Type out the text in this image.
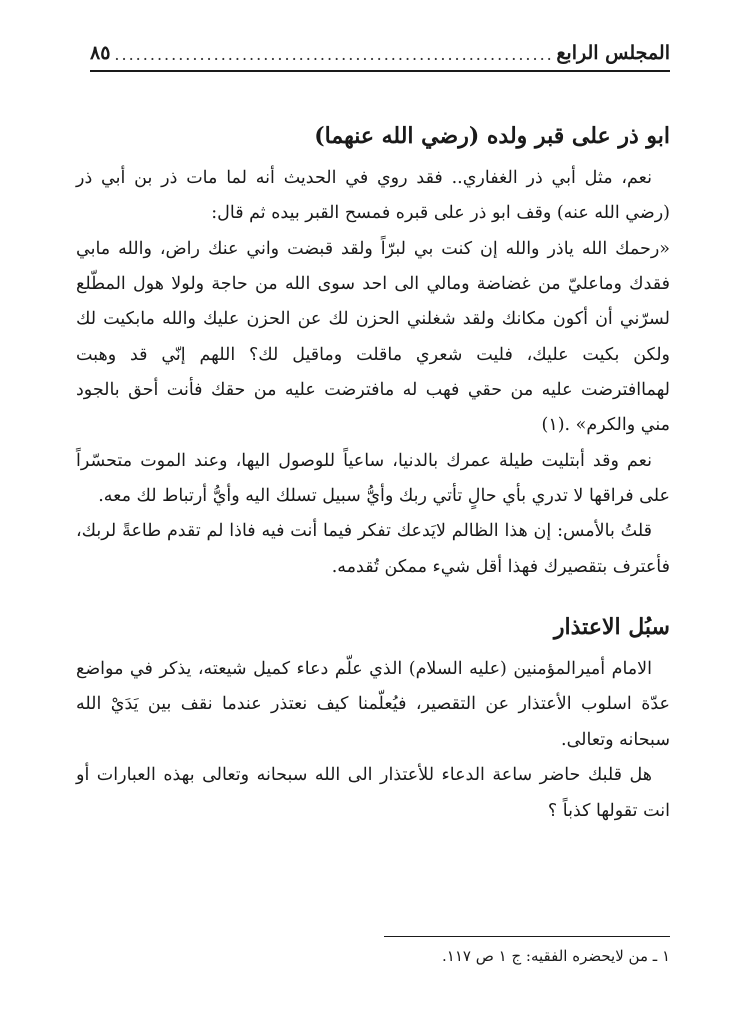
المجلس الرابع
..............................................................
٨٥
ابو ذر على قبر ولده (رضي الله عنهما)

نعم، مثل أبي ذر الغفاري.. فقد روي في الحديث أنه لما مات ذر بن أبي ذر (رضي الله عنه) وقف ابو ذر على قبره فمسح القبر بيده ثم قال:

«رحمك الله ياذر والله إن كنت بي لبرّاً ولقد قبضت واني عنك راض، والله مابي فقدك وماعليّ من غضاضة ومالي الى احد سوى الله من حاجة ولولا هول المطّلع لسرّني أن أكون مكانك ولقد شغلني الحزن لك عن الحزن عليك والله مابكيت لك ولكن بكيت عليك، فليت شعري ماقلت وماقيل لك؟ اللهم إنّي قد وهبت لهماافترضت عليه من حقي فهب له مافترضت عليه من حقك فأنت أحق بالجود مني والكرم» .(١)

نعم وقد أبتليت طيلة عمرك بالدنيا، ساعياً للوصول اليها، وعند الموت متحسّراً على فراقها لا تدري بأي حالٍ تأتي ربك وأيُّ سبيل تسلك اليه وأيُّ أرتباط لك معه.

قلتُ بالأمس: إن هذا الظالم لايَدعك تفكر فيما أنت فيه فاذا لم تقدم طاعةً لربك، فأعترف بتقصيرك فهذا أقل شيء ممكن تُقدمه.

سبُل الاعتذار

الامام أميرالمؤمنين (عليه السلام) الذي علّم دعاء كميل شيعته، يذكر في مواضع عدّة اسلوب الأعتذار عن التقصير، فيُعلّمنا كيف نعتذر عندما نقف بين يَدَيْ الله سبحانه وتعالى.

هل قلبك حاضر ساعة الدعاء للأعتذار الى الله سبحانه وتعالى بهذه العبارات أو انت تقولها كذباً ؟

١ ـ من لايحضره الفقيه: ج ١ ص ١١٧.
